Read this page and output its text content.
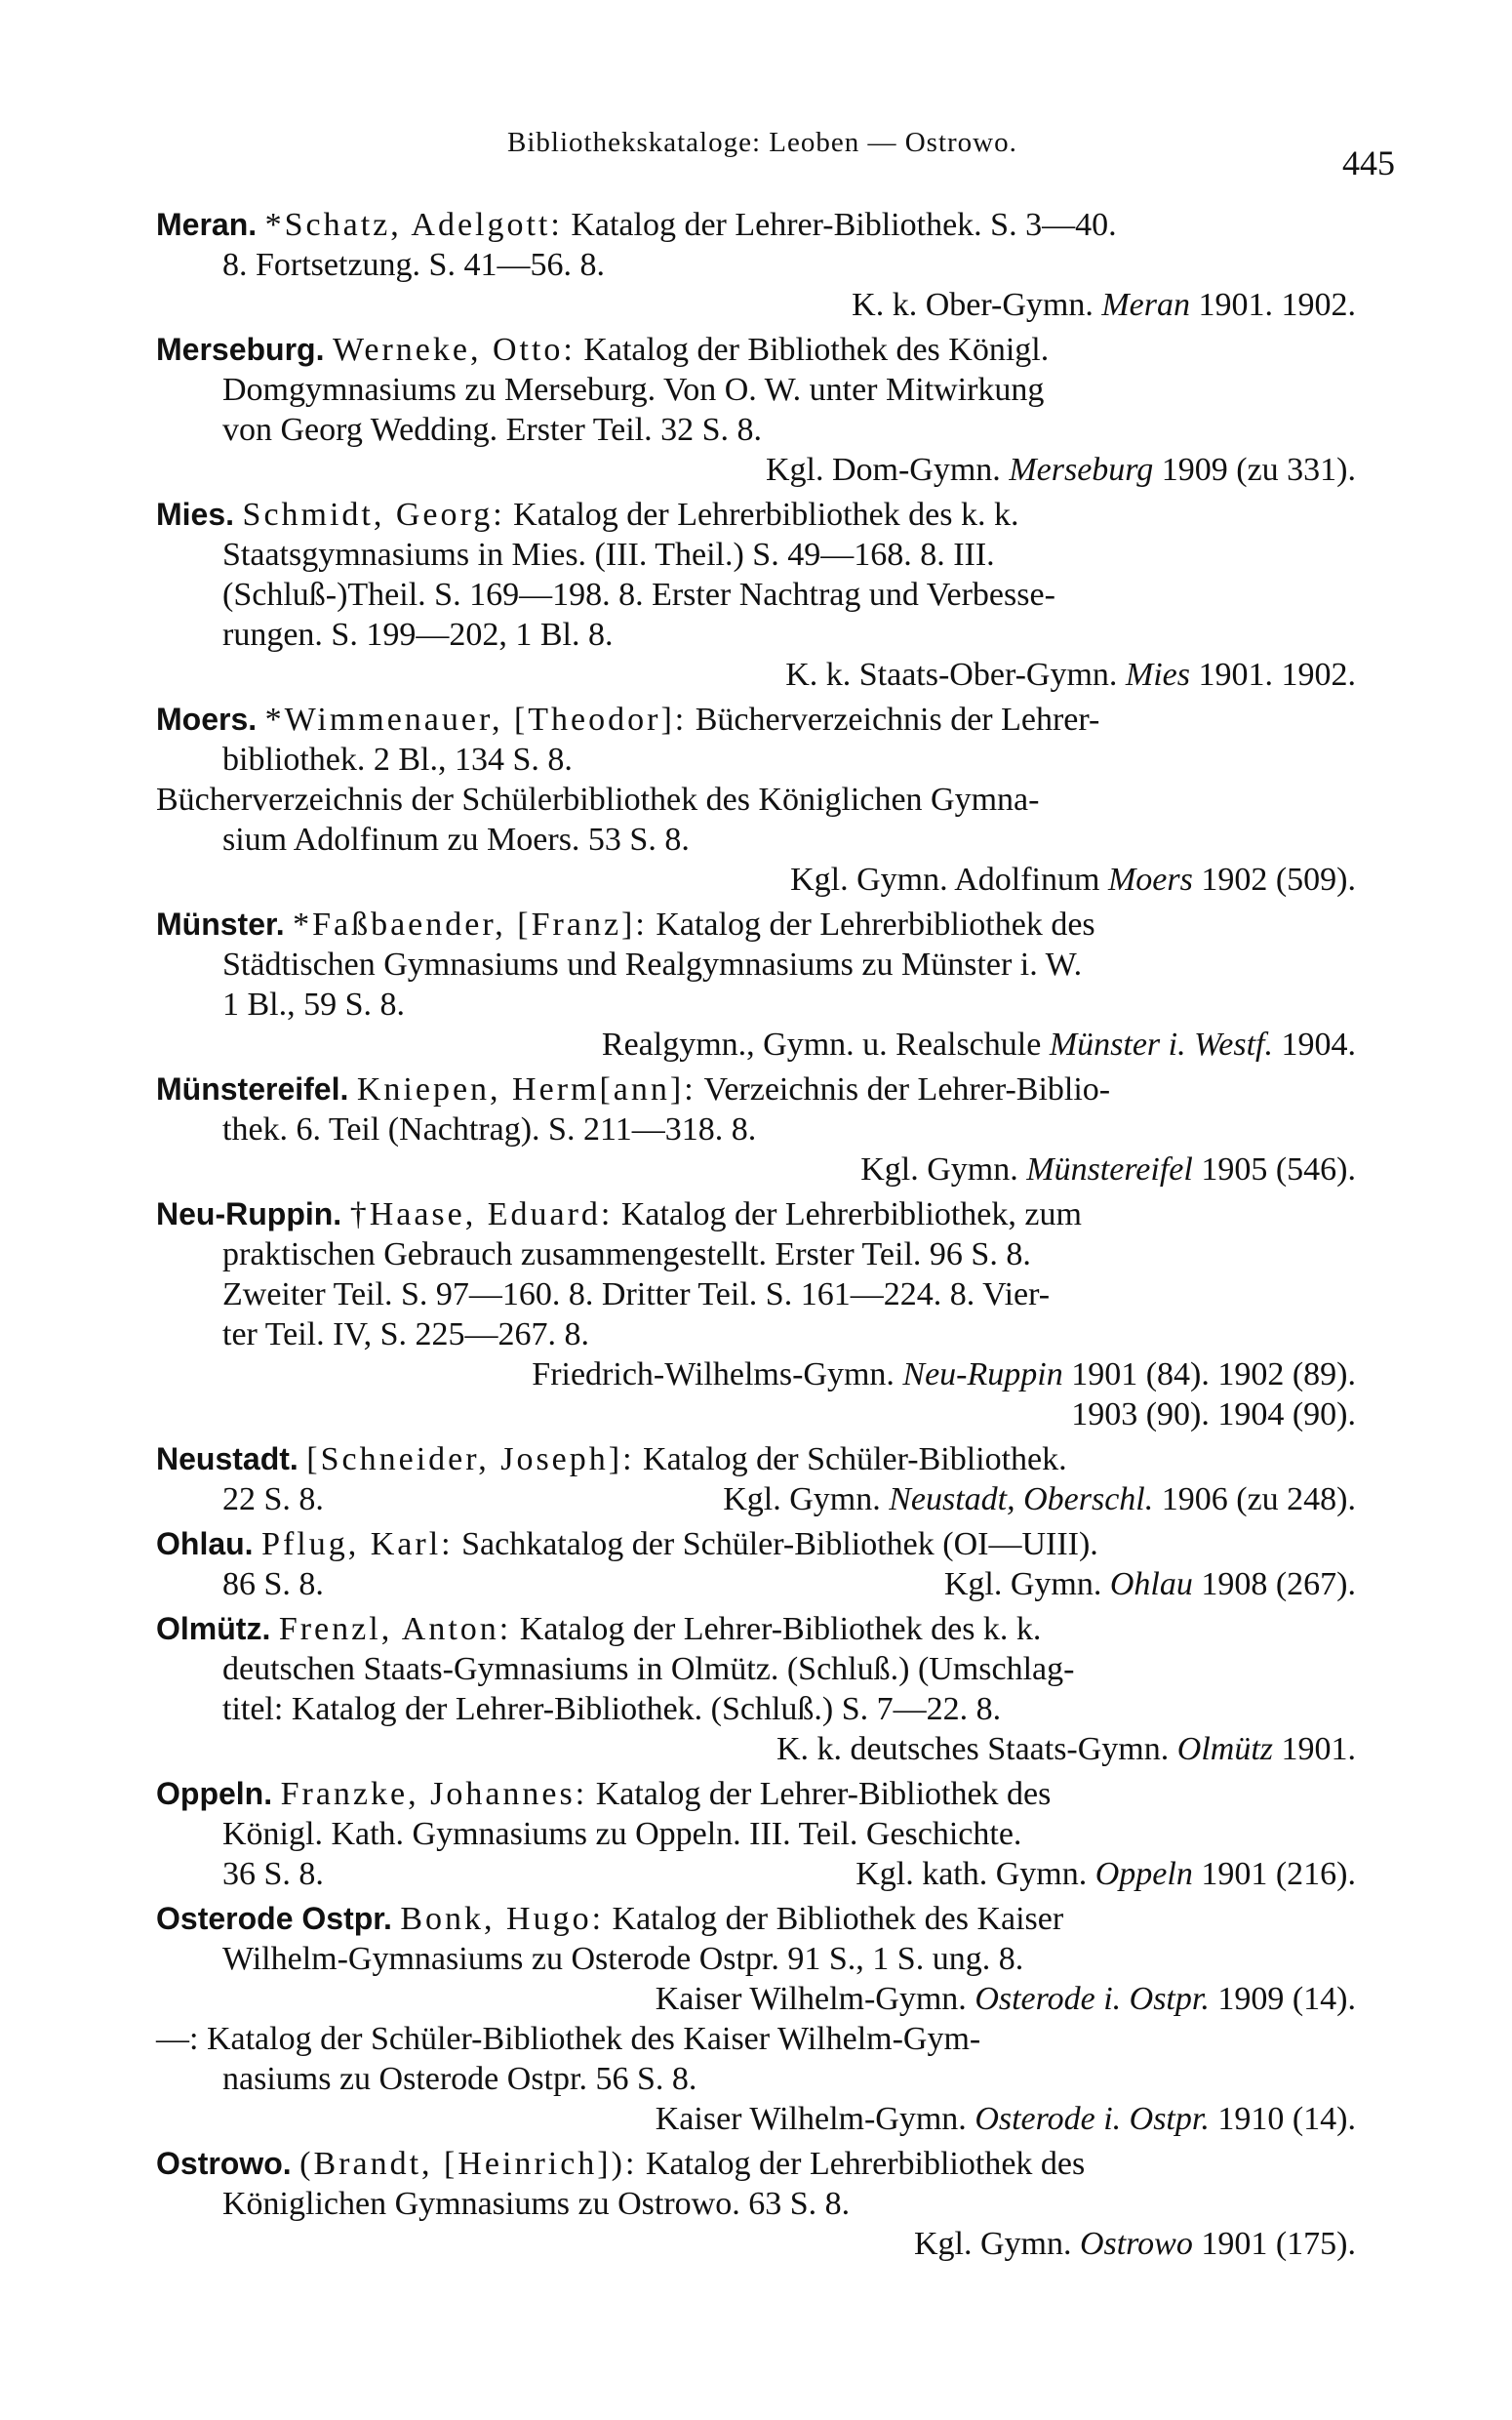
Bibliothekskataloge: Leoben — Ostrowo.
445

Meran. *Schatz, Adelgott: Katalog der Lehrer-Bibliothek. S. 3—40.

8. Fortsetzung. S. 41—56. 8.

K. k. Ober-Gymn. Meran 1901. 1902.

Merseburg. Werneke, Otto: Katalog der Bibliothek des Königl.

Domgymnasiums zu Merseburg. Von O. W. unter Mitwirkung

von Georg Wedding. Erster Teil. 32 S. 8.

Kgl. Dom-Gymn. Merseburg 1909 (zu 331).

Mies. Schmidt, Georg: Katalog der Lehrerbibliothek des k. k.

Staatsgymnasiums in Mies. (III. Theil.) S. 49—168. 8. III.

(Schluß-)Theil. S. 169—198. 8. Erster Nachtrag und Verbesse-

rungen. S. 199—202, 1 Bl. 8.

K. k. Staats-Ober-Gymn. Mies 1901. 1902.

Moers. *Wimmenauer, [Theodor]: Bücherverzeichnis der Lehrer-

bibliothek. 2 Bl., 134 S. 8.

Bücherverzeichnis der Schülerbibliothek des Königlichen Gymna-

sium Adolfinum zu Moers. 53 S. 8.

Kgl. Gymn. Adolfinum Moers 1902 (509).

Münster. *Faßbaender, [Franz]: Katalog der Lehrerbibliothek des

Städtischen Gymnasiums und Realgymnasiums zu Münster i. W.

1 Bl., 59 S. 8.

Realgymn., Gymn. u. Realschule Münster i. Westf. 1904.

Münstereifel. Kniepen, Herm[ann]: Verzeichnis der Lehrer-Biblio-

thek. 6. Teil (Nachtrag). S. 211—318. 8.

Kgl. Gymn. Münstereifel 1905 (546).

Neu-Ruppin. †Haase, Eduard: Katalog der Lehrerbibliothek, zum

praktischen Gebrauch zusammengestellt. Erster Teil. 96 S. 8.

Zweiter Teil. S. 97—160. 8. Dritter Teil. S. 161—224. 8. Vier-

ter Teil. IV, S. 225—267. 8.

Friedrich-Wilhelms-Gymn. Neu-Ruppin 1901 (84). 1902 (89).

1903 (90). 1904 (90).

Neustadt. [Schneider, Joseph]: Katalog der Schüler-Bibliothek.

22 S. 8.	Kgl. Gymn. Neustadt, Oberschl. 1906 (zu 248).

Ohlau. Pflug, Karl: Sachkatalog der Schüler-Bibliothek (OI—UIII).

86 S. 8.	Kgl. Gymn. Ohlau 1908 (267).

Olmütz. Frenzl, Anton: Katalog der Lehrer-Bibliothek des k. k.

deutschen Staats-Gymnasiums in Olmütz. (Schluß.) (Umschlag-

titel: Katalog der Lehrer-Bibliothek. (Schluß.) S. 7—22. 8.

K. k. deutsches Staats-Gymn. Olmütz 1901.

Oppeln. Franzke, Johannes: Katalog der Lehrer-Bibliothek des

Königl. Kath. Gymnasiums zu Oppeln. III. Teil. Geschichte.

36 S. 8.	Kgl. kath. Gymn. Oppeln 1901 (216).

Osterode Ostpr. Bonk, Hugo: Katalog der Bibliothek des Kaiser

Wilhelm-Gymnasiums zu Osterode Ostpr. 91 S., 1 S. ung. 8.

Kaiser Wilhelm-Gymn. Osterode i. Ostpr. 1909 (14).

—: Katalog der Schüler-Bibliothek des Kaiser Wilhelm-Gym-

nasiums zu Osterode Ostpr. 56 S. 8.

Kaiser Wilhelm-Gymn. Osterode i. Ostpr. 1910 (14).

Ostrowo. (Brandt, [Heinrich]): Katalog der Lehrerbibliothek des

Königlichen Gymnasiums zu Ostrowo. 63 S. 8.

Kgl. Gymn. Ostrowo 1901 (175).
